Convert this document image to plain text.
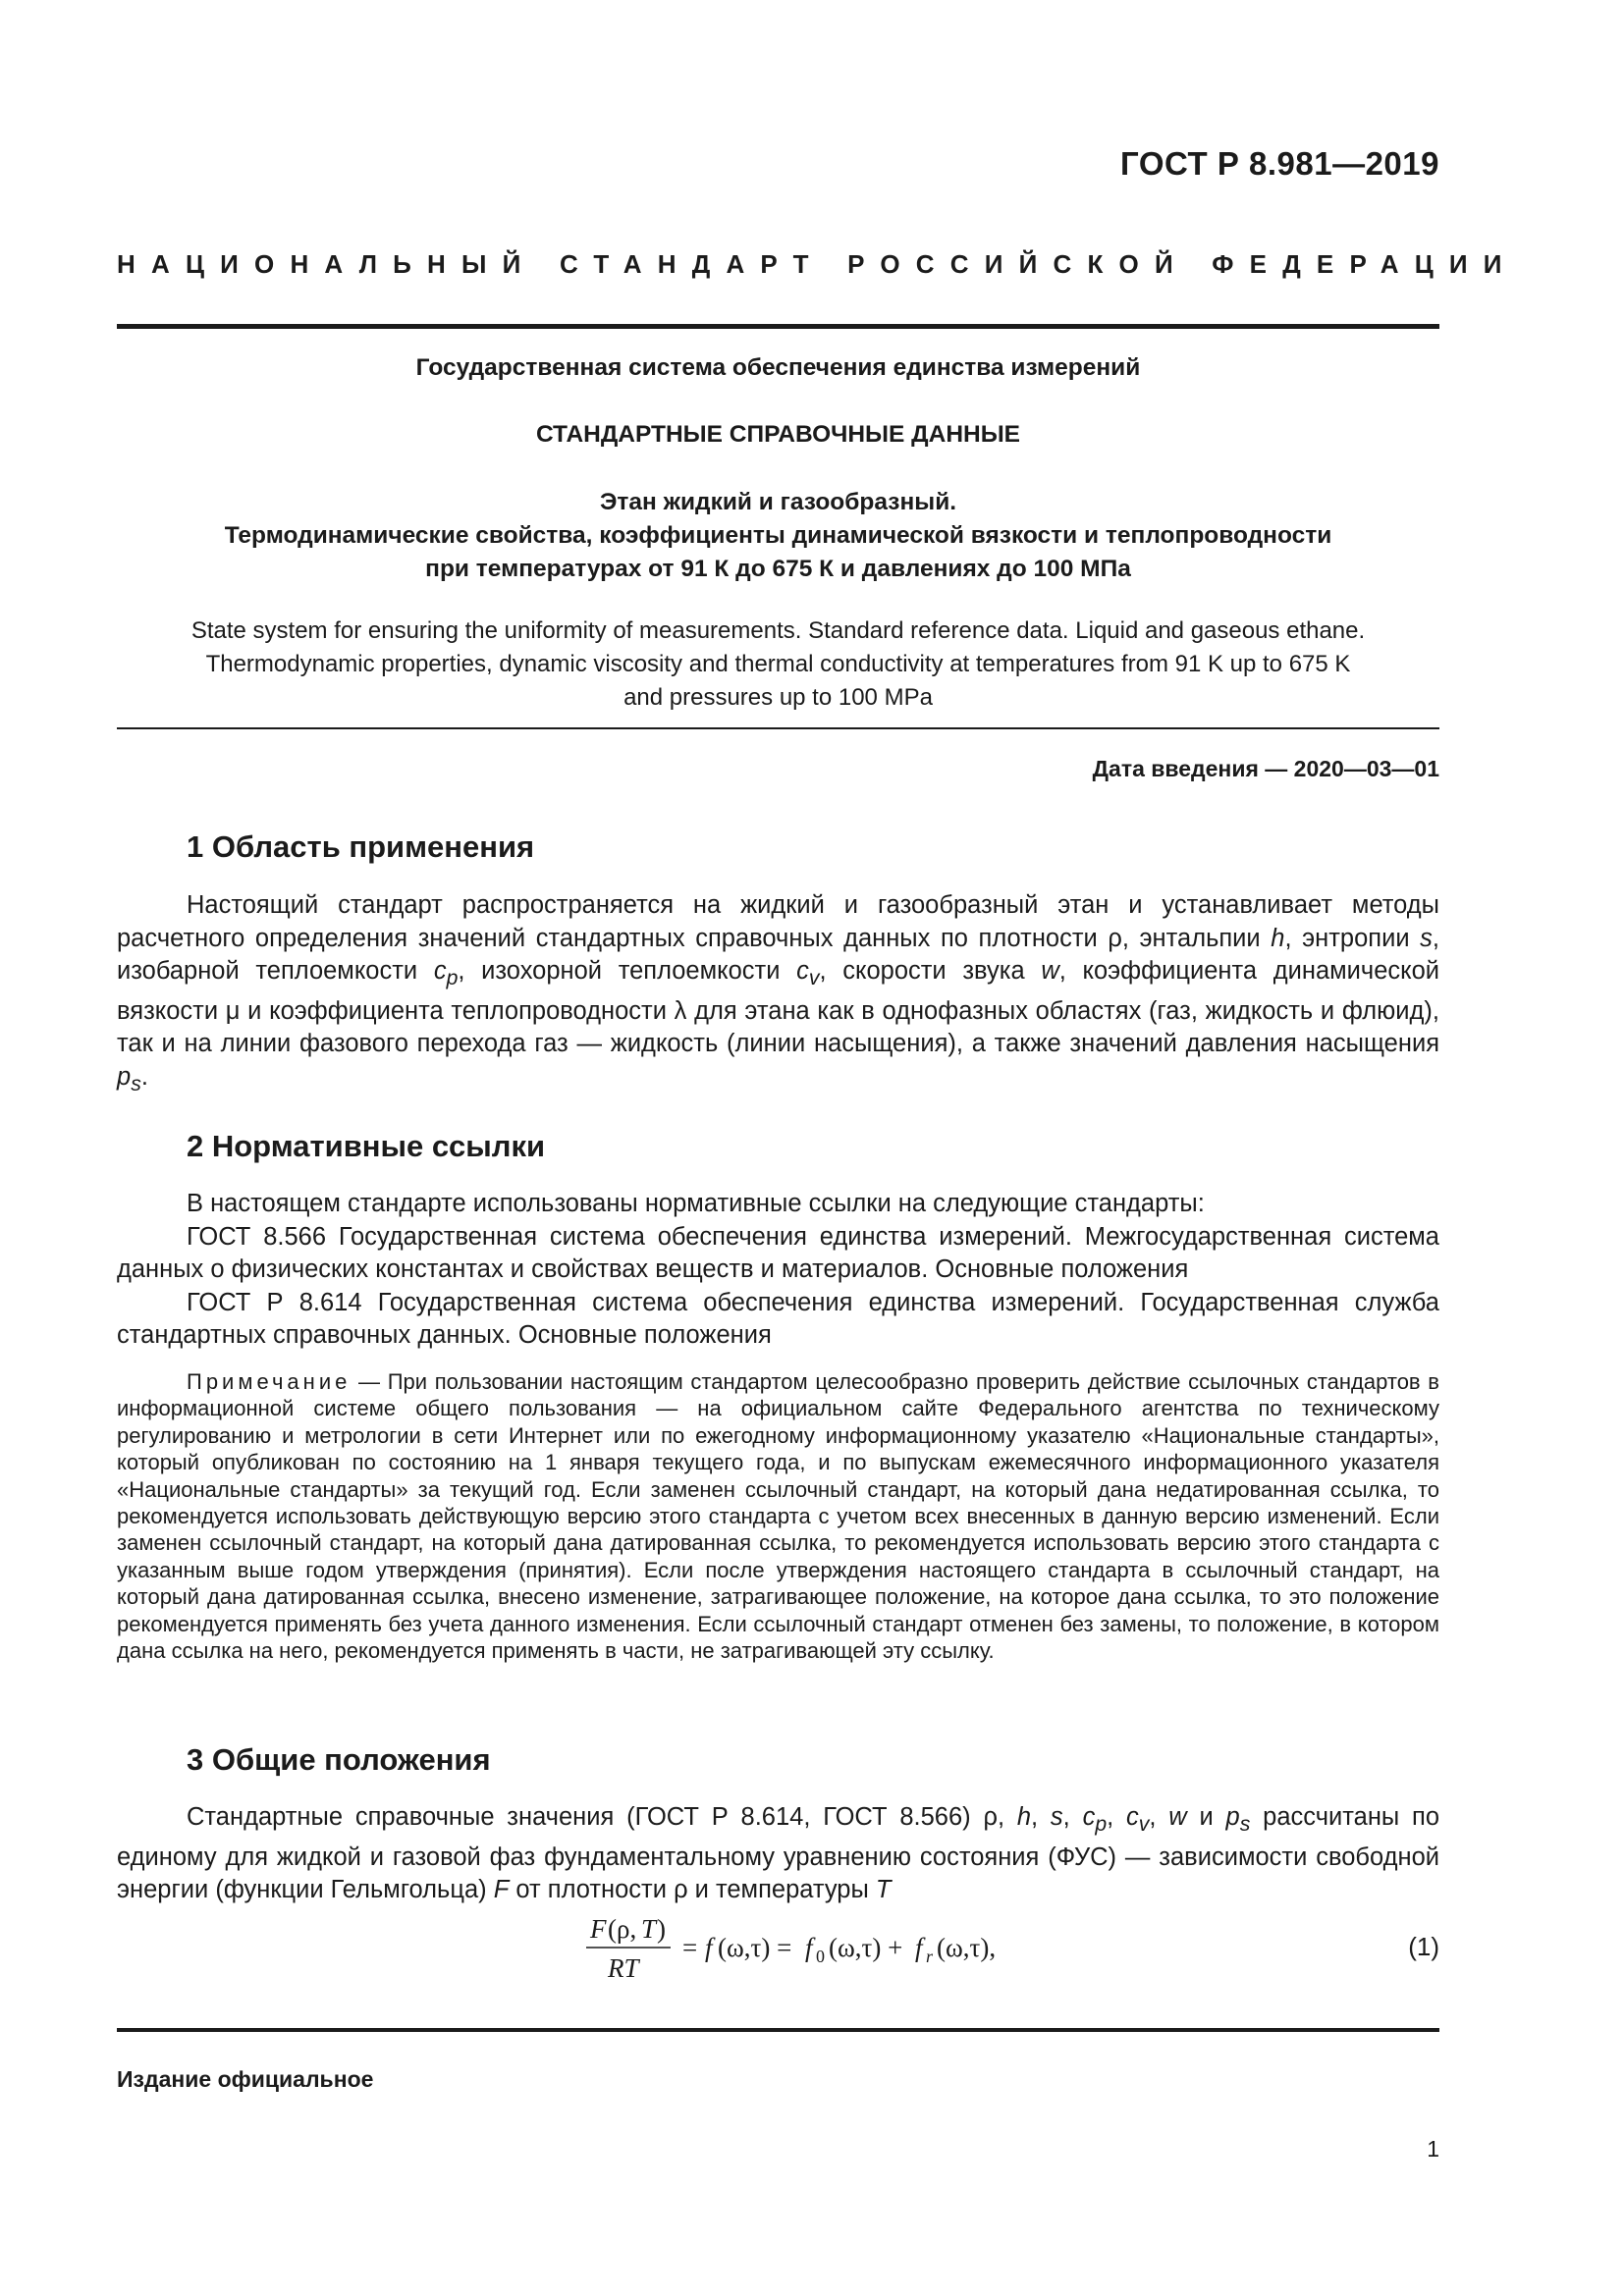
ГОСТ Р 8.981—2019
НАЦИОНАЛЬНЫЙ СТАНДАРТ РОССИЙСКОЙ ФЕДЕРАЦИИ
Государственная система обеспечения единства измерений
СТАНДАРТНЫЕ СПРАВОЧНЫЕ ДАННЫЕ
Этан жидкий и газообразный.
Термодинамические свойства, коэффициенты динамической вязкости и теплопроводности
при температурах от 91 К до 675 К и давлениях до 100 МПа
State system for ensuring the uniformity of measurements. Standard reference data. Liquid and gaseous ethane.
Thermodynamic properties, dynamic viscosity and thermal conductivity at temperatures from 91 K up to 675 K
and pressures up to 100 MPa
Дата введения — 2020—03—01
1 Область применения

Настоящий стандарт распространяется на жидкий и газообразный этан и устанавливает методы расчетного определения значений стандартных справочных данных по плотности ρ, энтальпии h, энтропии s, изобарной теплоемкости $c_p$, изохорной теплоемкости $c_v$, скорости звука w, коэффициента динамической вязкости μ и коэффициента теплопроводности λ для этана как в однофазных областях (газ, жидкость и флюид), так и на линии фазового перехода газ — жидкость (линии насыщения), а также значений давления насыщения $p_s$.

2 Нормативные ссылки

В настоящем стандарте использованы нормативные ссылки на следующие стандарты:

ГОСТ 8.566 Государственная система обеспечения единства измерений. Межгосударственная система данных о физических константах и свойствах веществ и материалов. Основные положения

ГОСТ Р 8.614 Государственная система обеспечения единства измерений. Государственная служба стандартных справочных данных. Основные положения

Примечание — При пользовании настоящим стандартом целесообразно проверить действие ссылочных стандартов в информационной системе общего пользования — на официальном сайте Федерального агентства по техническому регулированию и метрологии в сети Интернет или по ежегодному информационному указателю «Национальные стандарты», который опубликован по состоянию на 1 января текущего года, и по выпускам ежемесячного информационного указателя «Национальные стандарты» за текущий год. Если заменен ссылочный стандарт, на который дана недатированная ссылка, то рекомендуется использовать действующую версию этого стандарта с учетом всех внесенных в данную версию изменений. Если заменен ссылочный стандарт, на который дана датированная ссылка, то рекомендуется использовать версию этого стандарта с указанным выше годом утверждения (принятия). Если после утверждения настоящего стандарта в ссылочный стандарт, на который дана датированная ссылка, внесено изменение, затрагивающее положение, на которое дана ссылка, то это положение рекомендуется применять без учета данного изменения. Если ссылочный стандарт отменен без замены, то положение, в котором дана ссылка на него, рекомендуется применять в части, не затрагивающей эту ссылку.
3 Общие положения

Стандартные справочные значения (ГОСТ Р 8.614, ГОСТ 8.566) ρ, h, s, $c_p$, $c_v$, w и $p_s$ рассчитаны по единому для жидкой и газовой фаз фундаментальному уравнению состояния (ФУС) — зависимости свободной энергии (функции Гельмгольца) F от плотности ρ и температуры T

F (ρ, T )
RT
= f (ω,τ) = f 0 (ω,τ) + f r (ω,τ),	(1)
Издание официальное
1
